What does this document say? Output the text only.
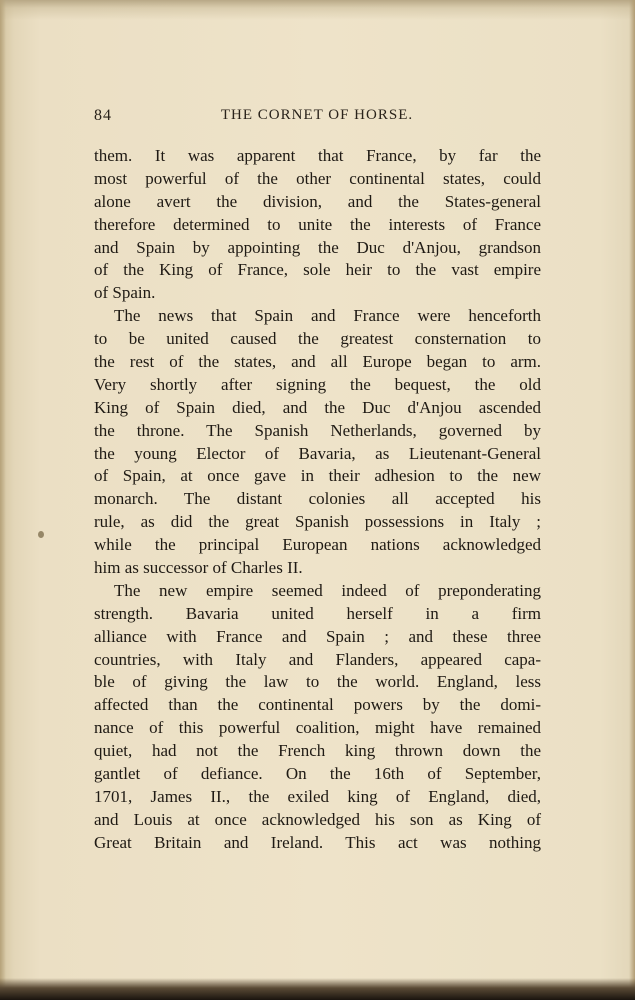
84	THE CORNET OF HORSE.
them. It was apparent that France, by far the
most powerful of the other continental states, could
alone avert the division, and the States-general
therefore determined to unite the interests of France
and Spain by appointing the Duc d'Anjou, grandson
of the King of France, sole heir to the vast empire
of Spain.
The news that Spain and France were henceforth
to be united caused the greatest consternation to
the rest of the states, and all Europe began to arm.
Very shortly after signing the bequest, the old
King of Spain died, and the Duc d'Anjou ascended
the throne. The Spanish Netherlands, governed by
the young Elector of Bavaria, as Lieutenant-General
of Spain, at once gave in their adhesion to the new
monarch. The distant colonies all accepted his
rule, as did the great Spanish possessions in Italy ;
while the principal European nations acknowledged
him as successor of Charles II.
The new empire seemed indeed of preponderating
strength. Bavaria united herself in a firm
alliance with France and Spain ; and these three
countries, with Italy and Flanders, appeared capa-
ble of giving the law to the world. England, less
affected than the continental powers by the domi-
nance of this powerful coalition, might have remained
quiet, had not the French king thrown down the
gantlet of defiance. On the 16th of September,
1701, James II., the exiled king of England, died,
and Louis at once acknowledged his son as King of
Great Britain and Ireland. This act was nothing
